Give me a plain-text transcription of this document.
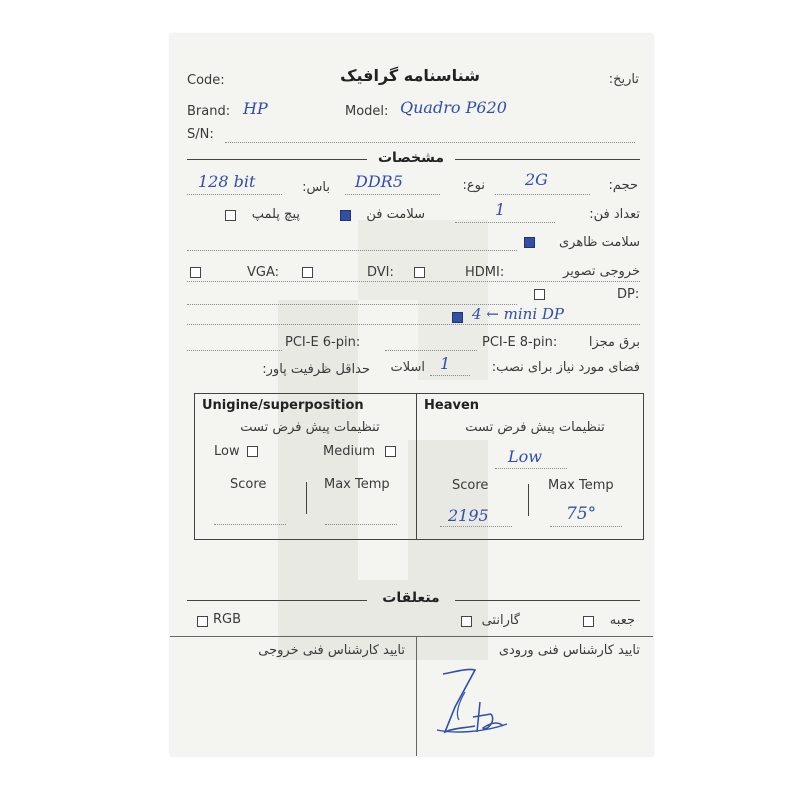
تاریخ:
Code:	شناسنامه گرافیک
Brand: HP	Model: Quadro P620
S/N:
مشخصات
حجم:
2G
نوع:
DDR5
باس:
128 bit
تعداد فن:
1
سلامت فن
پیچ پلمپ
سلامت ظاهری
خروجی تصویر
HDMI:
DVI:
VGA:
DP:
4 ← mini DP
برق مجزا
PCI-E 8-pin:
PCI-E 6-pin:
فضای مورد نیاز برای نصب:
1
اسلات
حداقل ظرفیت پاور:
Unigine/superposition
تنظیمات پیش فرض تست
Low	Medium
Score	Max Temp
Heaven
تنظیمات پیش فرض تست
Low
Score	Max Temp
2195	75°
متعلقات
جعبه
گارانتی
RGB
تایید کارشناس فنی ورودی
تایید کارشناس فنی خروجی
